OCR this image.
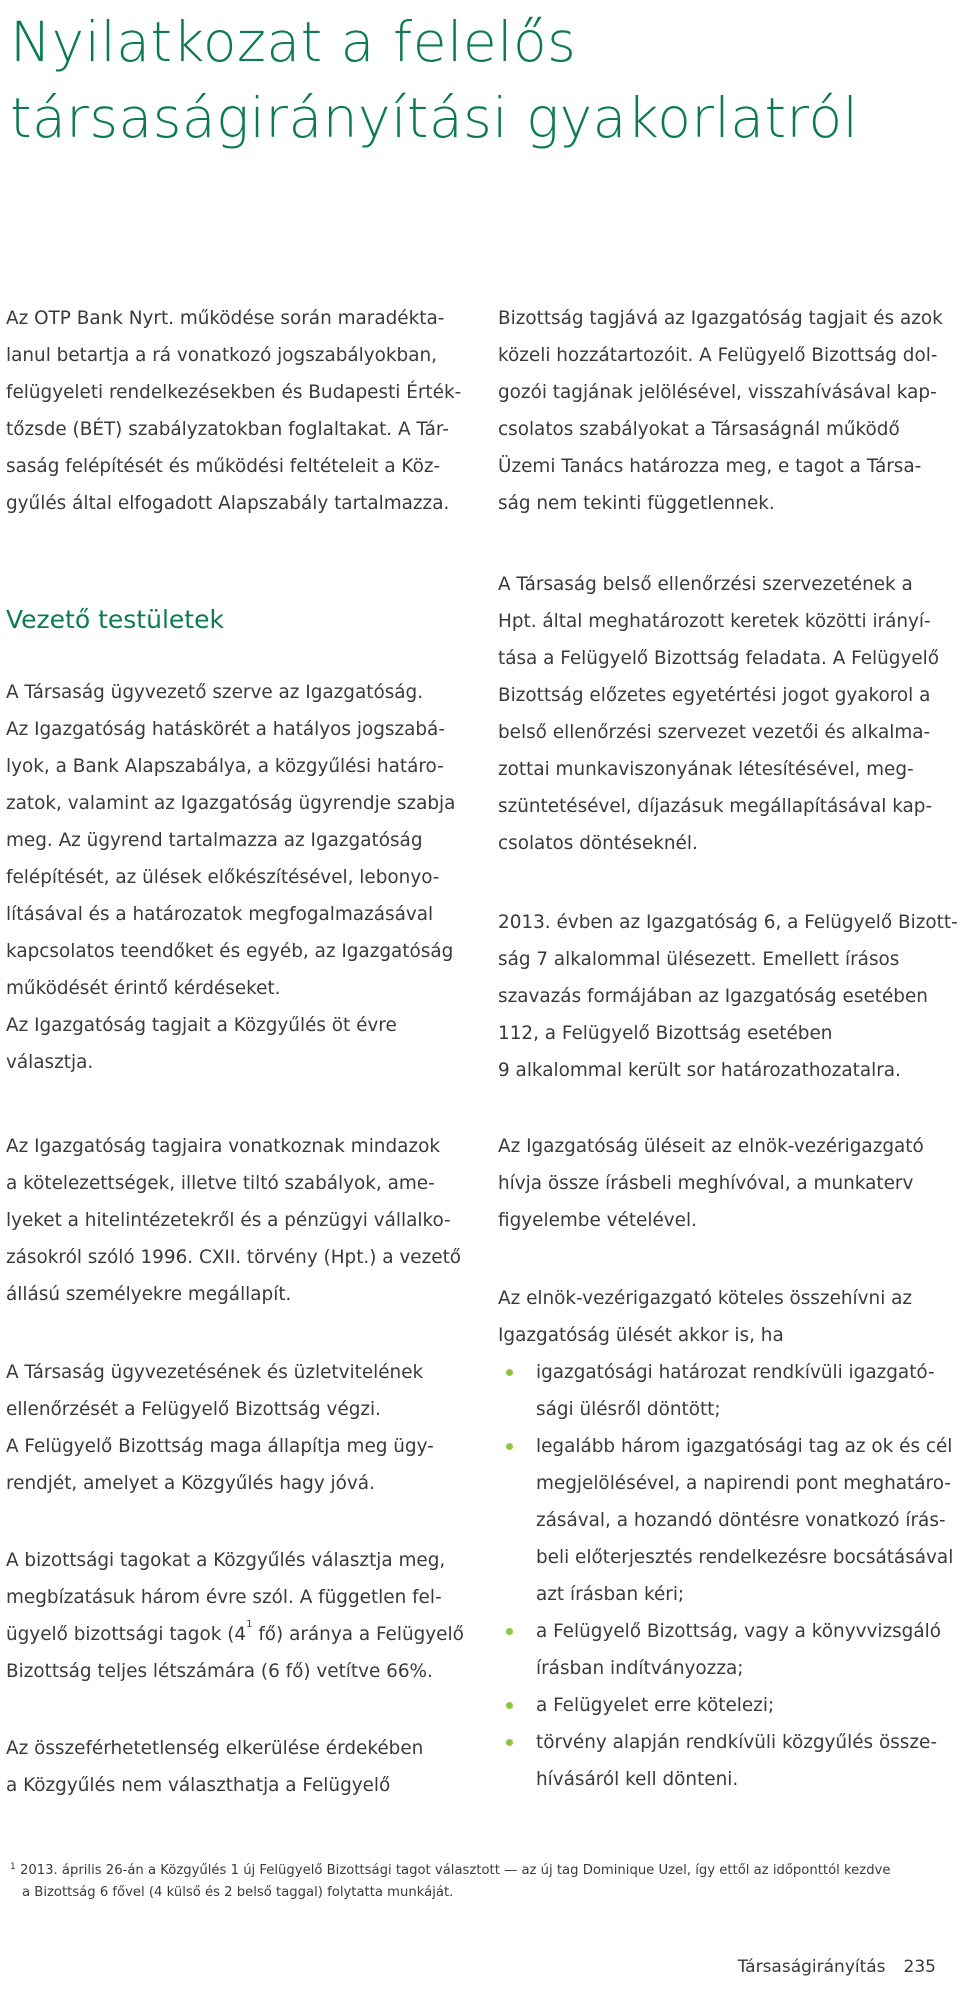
Nyilatkozat a felelős
társaságirányítási gyakorlatról

Az OTP Bank Nyrt. működése során maradékta-
lanul betartja a rá vonatkozó jogszabályokban,
felügyeleti rendelkezésekben és Budapesti Érték-
tőzsde (BÉT) szabályzatokban foglaltakat. A Tár-
saság felépítését és működési feltételeit a Köz-
gyűlés által elfogadott Alapszabály tartalmazza.

Vezető testületek

A Társaság ügyvezető szerve az Igazgatóság.
Az Igazgatóság hatáskörét a hatályos jogszabá-
lyok, a Bank Alapszabálya, a közgyűlési határo-
zatok, valamint az Igazgatóság ügyrendje szabja
meg. Az ügyrend tartalmazza az Igazgatóság
felépítését, az ülések előkészítésével, lebonyo-
lításával és a határozatok megfogalmazásával
kapcsolatos teendőket és egyéb, az Igazgatóság
működését érintő kérdéseket.
Az Igazgatóság tagjait a Közgyűlés öt évre
választja.

Az Igazgatóság tagjaira vonatkoznak mindazok
a kötelezettségek, illetve tiltó szabályok, ame-
lyeket a hitelintézetekről és a pénzügyi vállalko-
zásokról szóló 1996. CXII. törvény (Hpt.) a vezető
állású személyekre megállapít.

A Társaság ügyvezetésének és üzletvitelének
ellenőrzését a Felügyelő Bizottság végzi.
A Felügyelő Bizottság maga állapítja meg ügy-
rendjét, amelyet a Közgyűlés hagy jóvá.

A bizottsági tagokat a Közgyűlés választja meg,
megbízatásuk három évre szól. A független fel-
ügyelő bizottsági tagok (4$^1$ fő) aránya a Felügyelő
Bizottság teljes létszámára (6 fő) vetítve 66%.

Az összeférhetetlenség elkerülése érdekében
a Közgyűlés nem választhatja a Felügyelő

Bizottság tagjává az Igazgatóság tagjait és azok
közeli hozzátartozóit. A Felügyelő Bizottság dol-
gozói tagjának jelölésével, visszahívásával kap-
csolatos szabályokat a Társaságnál működő
Üzemi Tanács határozza meg, e tagot a Társa-
ság nem tekinti függetlennek.

A Társaság belső ellenőrzési szervezetének a
Hpt. által meghatározott keretek közötti irányí-
tása a Felügyelő Bizottság feladata. A Felügyelő
Bizottság előzetes egyetértési jogot gyakorol a
belső ellenőrzési szervezet vezetői és alkalma-
zottai munkaviszonyának létesítésével, meg-
szüntetésével, díjazásuk megállapításával kap-
csolatos döntéseknél.

2013. évben az Igazgatóság 6, a Felügyelő Bizott-
ság 7 alkalommal ülésezett. Emellett írásos
szavazás formájában az Igazgatóság esetében
112, a Felügyelő Bizottság esetében
9 alkalommal került sor határozathozatalra.

Az Igazgatóság üléseit az elnök-vezérigazgató
hívja össze írásbeli meghívóval, a munkaterv
figyelembe vételével.

Az elnök-vezérigazgató köteles összehívni az
Igazgatóság ülését akkor is, ha

igazgatósági határozat rendkívüli igazgató-
sági ülésről döntött;
legalább három igazgatósági tag az ok és cél
megjelölésével, a napirendi pont meghatáro-
zásával, a hozandó döntésre vonatkozó írás-
beli előterjesztés rendelkezésre bocsátásával
azt írásban kéri;
a Felügyelő Bizottság, vagy a könyvvizsgáló
írásban indítványozza;
a Felügyelet erre kötelezi;
törvény alapján rendkívüli közgyűlés össze-
hívásáról kell dönteni.
$^1$ 2013. április 26-án a Közgyűlés 1 új Felügyelő Bizottsági tagot választott — az új tag Dominique Uzel, így ettől az időponttól kezdve
a Bizottság 6 fővel (4 külső és 2 belső taggal) folytatta munkáját.
Társaságirányítás 235
